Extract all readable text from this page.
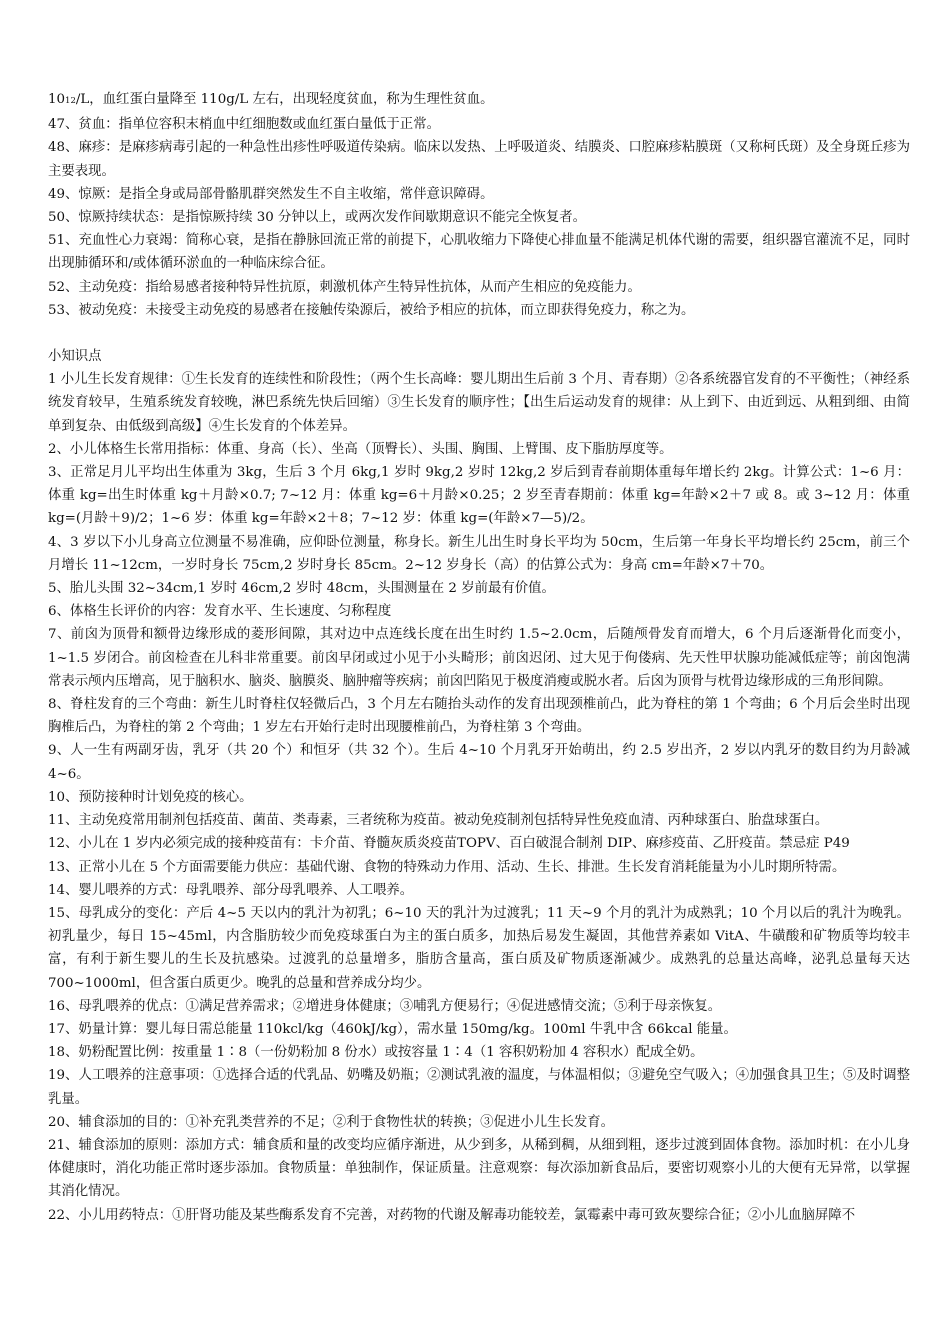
1012/L，血红蛋白量降至 110g/L 左右，出现轻度贫血，称为生理性贫血。

47、贫血：指单位容积末梢血中红细胞数或血红蛋白量低于正常。

48、麻疹：是麻疹病毒引起的一种急性出疹性呼吸道传染病。临床以发热、上呼吸道炎、结膜炎、口腔麻疹粘膜斑（又称柯氏斑）及全身斑丘疹为主要表现。

49、惊厥：是指全身或局部骨骼肌群突然发生不自主收缩，常伴意识障碍。

50、惊厥持续状态：是指惊厥持续 30 分钟以上，或两次发作间歇期意识不能完全恢复者。

51、充血性心力衰竭：简称心衰，是指在静脉回流正常的前提下，心肌收缩力下降使心排血量不能满足机体代谢的需要，组织器官灌流不足，同时出现肺循环和/或体循环淤血的一种临床综合征。

52、主动免疫：指给易感者接种特异性抗原，刺激机体产生特异性抗体，从而产生相应的免疫能力。

53、被动免疫：未接受主动免疫的易感者在接触传染源后，被给予相应的抗体，而立即获得免疫力，称之为。

小知识点

1 小儿生长发育规律：①生长发育的连续性和阶段性；（两个生长高峰：婴儿期出生后前 3 个月、青春期）②各系统器官发育的不平衡性；（神经系统发育较早，生殖系统发育较晚，淋巴系统先快后回缩）③生长发育的顺序性；【出生后运动发育的规律：从上到下、由近到远、从粗到细、由简单到复杂、由低级到高级】④生长发育的个体差异。

2、小儿体格生长常用指标：体重、身高（长）、坐高（顶臀长）、头围、胸围、上臂围、皮下脂肪厚度等。

3、正常足月儿平均出生体重为 3kg，生后 3 个月 6kg,1 岁时 9kg,2 岁时 12kg,2 岁后到青春前期体重每年增长约 2kg。计算公式：1~6 月：体重 kg=出生时体重 kg＋月龄×0.7; 7~12 月：体重 kg=6＋月龄×0.25；2 岁至青春期前：体重 kg=年龄×2＋7 或 8。或 3~12 月：体重 kg=(月龄＋9)/2；1~6 岁：体重 kg=年龄×2＋8；7~12 岁：体重 kg=(年龄×7—5)/2。

4、3 岁以下小儿身高立位测量不易准确，应仰卧位测量，称身长。新生儿出生时身长平均为 50cm，生后第一年身长平均增长约 25cm，前三个月增长 11~12cm，一岁时身长 75cm,2 岁时身长 85cm。2~12 岁身长（高）的估算公式为：身高 cm=年龄×7＋70。

5、胎儿头围 32~34cm,1 岁时 46cm,2 岁时 48cm，头围测量在 2 岁前最有价值。

6、体格生长评价的内容：发育水平、生长速度、匀称程度

7、前囟为顶骨和额骨边缘形成的菱形间隙，其对边中点连线长度在出生时约 1.5~2.0cm，后随颅骨发育而增大，6 个月后逐渐骨化而变小，1~1.5 岁闭合。前囟检查在儿科非常重要。前囟早闭或过小见于小头畸形；前囟迟闭、过大见于佝偻病、先天性甲状腺功能减低症等；前囟饱满常表示颅内压增高，见于脑积水、脑炎、脑膜炎、脑肿瘤等疾病；前囟凹陷见于极度消瘦或脱水者。后囟为顶骨与枕骨边缘形成的三角形间隙。

8、脊柱发育的三个弯曲：新生儿时脊柱仅轻微后凸，3 个月左右随抬头动作的发育出现颈椎前凸，此为脊柱的第 1 个弯曲；6 个月后会坐时出现胸椎后凸，为脊柱的第 2 个弯曲；1 岁左右开始行走时出现腰椎前凸，为脊柱第 3 个弯曲。

9、人一生有两副牙齿，乳牙（共 20 个）和恒牙（共 32 个）。生后 4~10 个月乳牙开始萌出，约 2.5 岁出齐，2 岁以内乳牙的数目约为月龄减 4~6。

10、预防接种时计划免疫的核心。

11、主动免疫常用制剂包括疫苗、菌苗、类毒素，三者统称为疫苗。被动免疫制剂包括特异性免疫血清、丙种球蛋白、胎盘球蛋白。

12、小儿在 1 岁内必须完成的接种疫苗有：卡介苗、脊髓灰质炎疫苗TOPV、百白破混合制剂 DIP、麻疹疫苗、乙肝疫苗。禁忌症 P49

13、正常小儿在 5 个方面需要能力供应：基础代谢、食物的特殊动力作用、活动、生长、排泄。生长发育消耗能量为小儿时期所特需。

14、婴儿喂养的方式：母乳喂养、部分母乳喂养、人工喂养。

15、母乳成分的变化：产后 4~5 天以内的乳汁为初乳；6~10 天的乳汁为过渡乳；11 天~9 个月的乳汁为成熟乳；10 个月以后的乳汁为晚乳。初乳量少，每日 15~45ml，内含脂肪较少而免疫球蛋白为主的蛋白质多，加热后易发生凝固，其他营养素如 VitA、牛磺酸和矿物质等均较丰富，有利于新生婴儿的生长及抗感染。过渡乳的总量增多，脂肪含量高，蛋白质及矿物质逐渐减少。成熟乳的总量达高峰，泌乳总量每天达 700~1000ml，但含蛋白质更少。晚乳的总量和营养成分均少。

16、母乳喂养的优点：①满足营养需求；②增进身体健康；③哺乳方便易行；④促进感情交流；⑤利于母亲恢复。

17、奶量计算：婴儿每日需总能量 110kcl/kg（460kJ/kg），需水量 150mg/kg。100ml 牛乳中含 66kcal 能量。

18、奶粉配置比例：按重量 1∶8（一份奶粉加 8 份水）或按容量 1∶4（1 容积奶粉加 4 容积水）配成全奶。

19、人工喂养的注意事项：①选择合适的代乳品、奶嘴及奶瓶；②测试乳液的温度，与体温相似；③避免空气吸入；④加强食具卫生；⑤及时调整乳量。

20、辅食添加的目的：①补充乳类营养的不足；②利于食物性状的转换；③促进小儿生长发育。

21、辅食添加的原则：添加方式：辅食质和量的改变均应循序渐进，从少到多，从稀到稠，从细到粗，逐步过渡到固体食物。添加时机：在小儿身体健康时，消化功能正常时逐步添加。食物质量：单独制作，保证质量。注意观察：每次添加新食品后，要密切观察小儿的大便有无异常，以掌握其消化情况。

22、小儿用药特点：①肝肾功能及某些酶系发育不完善，对药物的代谢及解毒功能较差，氯霉素中毒可致灰婴综合征；②小儿血脑屏障不
